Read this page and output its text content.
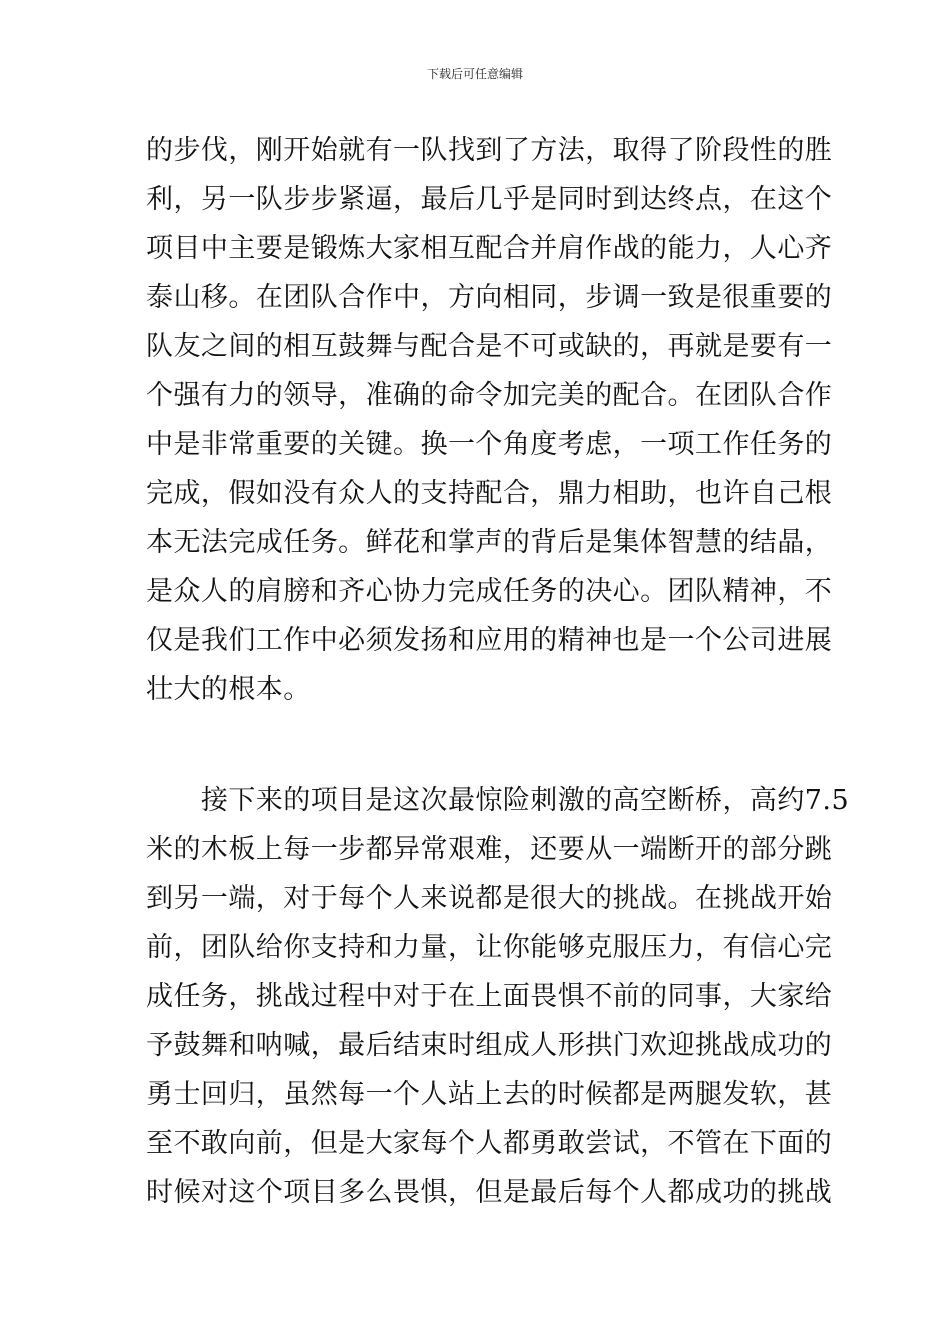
下载后可任意编辑
的步伐，刚开始就有一队找到了方法，取得了阶段性的胜
利，另一队步步紧逼，最后几乎是同时到达终点，在这个
项目中主要是锻炼大家相互配合并肩作战的能力，人心齐
泰山移。在团队合作中，方向相同，步调一致是很重要的
队友之间的相互鼓舞与配合是不可或缺的，再就是要有一
个强有力的领导，准确的命令加完美的配合。在团队合作
中是非常重要的关键。换一个角度考虑，一项工作任务的
完成，假如没有众人的支持配合，鼎力相助，也许自己根
本无法完成任务。鲜花和掌声的背后是集体智慧的结晶，
是众人的肩膀和齐心协力完成任务的决心。团队精神，不
仅是我们工作中必须发扬和应用的精神也是一个公司进展
壮大的根本。
　　接下来的项目是这次最惊险刺激的高空断桥，高约7.5
米的木板上每一步都异常艰难，还要从一端断开的部分跳
到另一端，对于每个人来说都是很大的挑战。在挑战开始
前，团队给你支持和力量，让你能够克服压力，有信心完
成任务，挑战过程中对于在上面畏惧不前的同事，大家给
予鼓舞和呐喊，最后结束时组成人形拱门欢迎挑战成功的
勇士回归，虽然每一个人站上去的时候都是两腿发软，甚
至不敢向前，但是大家每个人都勇敢尝试，不管在下面的
时候对这个项目多么畏惧，但是最后每个人都成功的挑战
